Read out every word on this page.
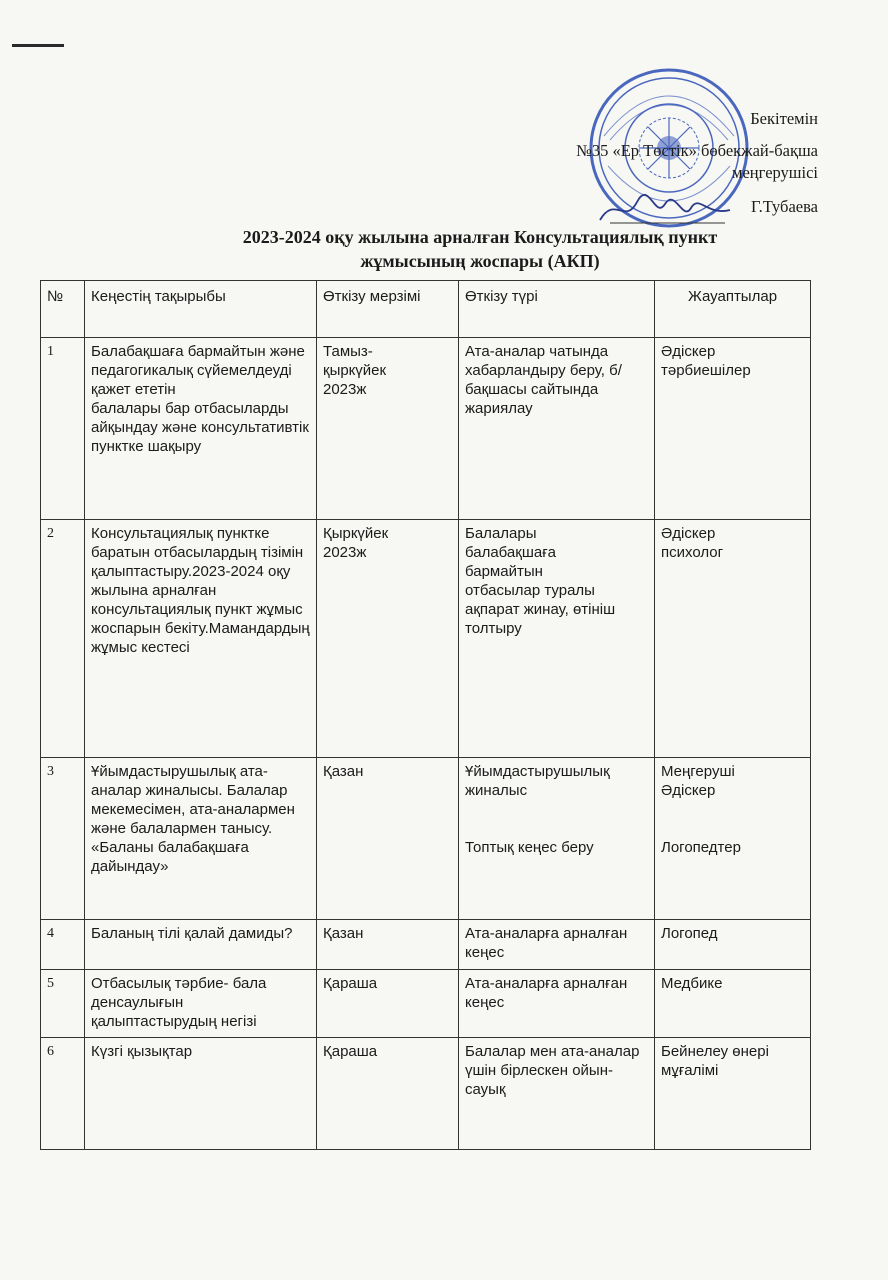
Бекітемін
№35 «Ер Төстік» бөбекжай-бақша
меңгерушісі
Г.Тубаева
2023-2024 оқу жылына арналған Консультациялық пункт
жұмысының жоспары (АКП)
№	Кеңестің тақырыбы	Өткізу мерзімі	Өткізу түрі	Жауаптылар
1	Балабақшаға бармайтын және педагогикалық сүйемелдеуді қажет ететін
балалары бар отбасыларды айқындау және консультативтік пунктке шақыру	Тамыз-
қыркүйек
2023ж	Ата-аналар чатында хабарландыру беру, б/бақшасы сайтында жариялау	Әдіскер
тәрбиешілер
2	Консультациялық пунктке
баратын отбасылардың тізімін
қалыптастыру.2023-2024 оқу жылына арналған консультациялық пункт жұмыс жоспарын бекіту.Мамандардың жұмыс кестесі	Қыркүйек
2023ж	Балалары
балабақшаға
бармайтын
отбасылар туралы ақпарат жинау, өтініш толтыру	Әдіскер
психолог
3	Ұйымдастырушылық ата-аналар жиналысы. Балалар мекемесімен, ата-аналармен және балалармен танысу. «Баланы балабақшаға дайындау»	Қазан	Ұйымдастырушылық жиналыс

Топтық кеңес беру	Меңгеруші
Әдіскер

Логопедтер
4	Баланың тілі қалай дамиды?	Қазан	Ата-аналарға арналған кеңес	Логопед
5	Отбасылық тәрбие- бала денсаулығын қалыптастырудың негізі	Қараша	Ата-аналарға арналған кеңес	Медбике
6	Күзгі қызықтар	Қараша	Балалар мен ата-аналар үшін бірлескен ойын-сауық	Бейнелеу өнері мұғалімі
